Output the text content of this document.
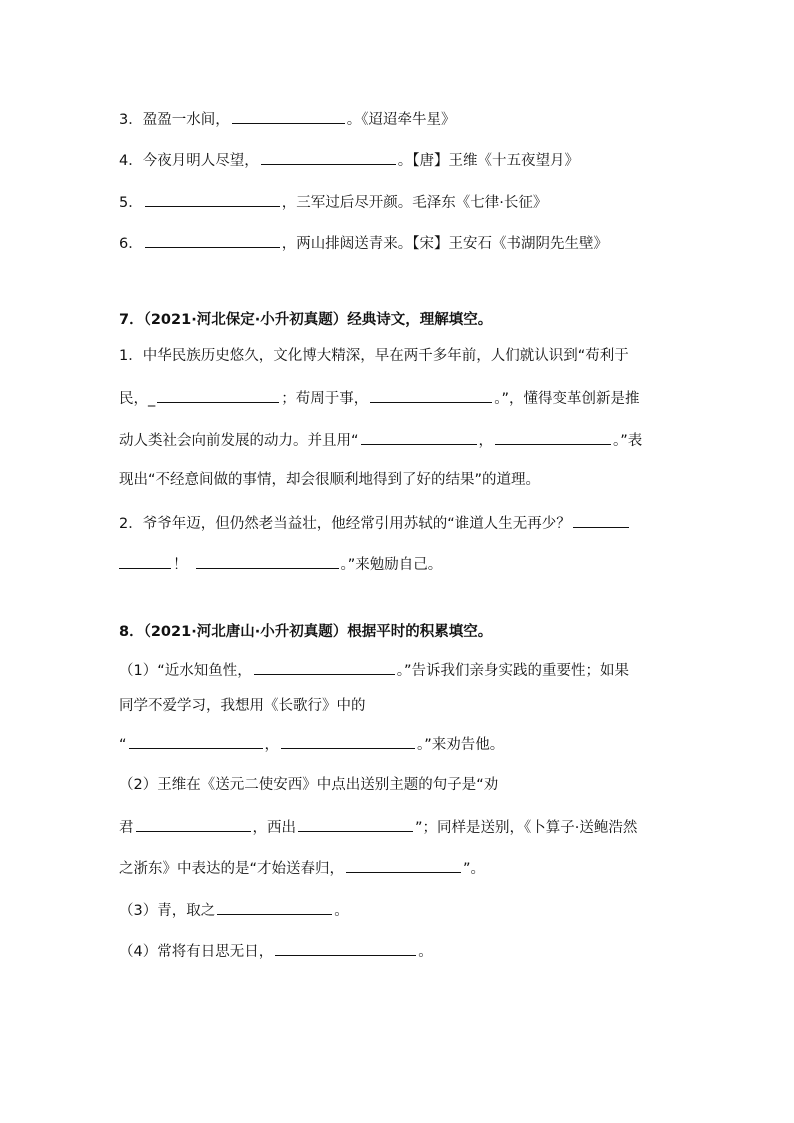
3．盈盈一水间，	。《迢迢牵牛星》
4．今夜月明人尽望，	。【唐】王维《十五夜望月》
5．	，三军过后尽开颜。毛泽东《七律·长征》
6．	，两山排闼送青来。【宋】王安石《书湖阴先生壁》
7．（2021·河北保定·小升初真题）经典诗文，理解填空。
1．中华民族历史悠久，文化博大精深，早在两千多年前，人们就认识到“苟利于
民，_	；苟周于事，	。”，懂得变革创新是推
动人类社会向前发展的动力。并且用“	，	。”表
现出“不经意间做的事情，却会很顺利地得到了好的结果”的道理。
2．爷爷年迈，但仍然老当益壮，他经常引用苏轼的“谁道人生无再少？
！	。”来勉励自己。
8．（2021·河北唐山·小升初真题）根据平时的积累填空。
（1）“近水知鱼性，	。”告诉我们亲身实践的重要性；如果
同学不爱学习，我想用《长歌行》中的
“	，	。”来劝告他。
（2）王维在《送元二使安西》中点出送别主题的句子是“劝
君	，西出	”；同样是送别，《卜算子·送鲍浩然
之浙东》中表达的是“才始送春归，	”。
（3）青，取之	。
（4）常将有日思无日，	。
